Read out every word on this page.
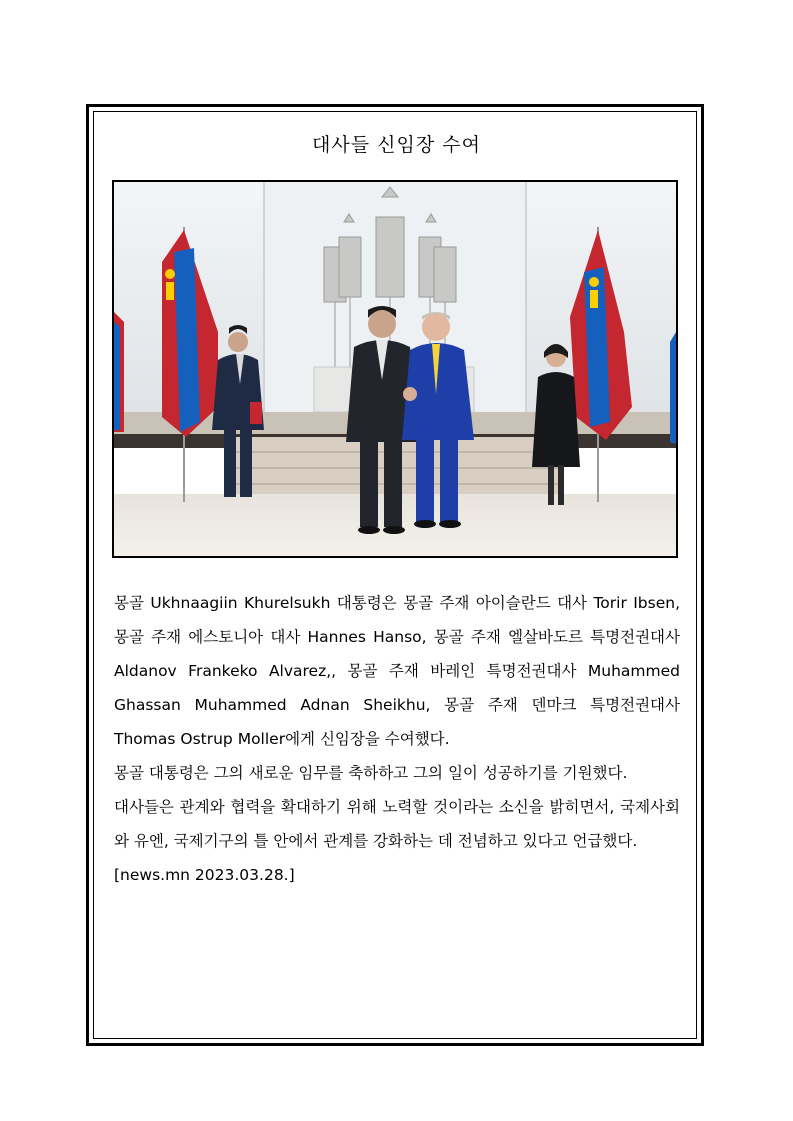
대사들 신임장 수여

몽골 Ukhnaagiin Khurelsukh 대통령은 몽골 주재 아이슬란드 대사 Torir Ibsen, 몽골 주재 에스토니아 대사 Hannes Hanso, 몽골 주재 엘살바도르 특명전권대사 Aldanov Frankeko Alvarez,, 몽골 주재 바레인 특명전권대사 Muhammed Ghassan Muhammed Adnan Sheikhu, 몽골 주재 덴마크 특명전권대사 Thomas Ostrup Moller에게 신임장을 수여했다.

몽골 대통령은 그의 새로운 임무를 축하하고 그의 일이 성공하기를 기원했다.

대사들은 관계와 협력을 확대하기 위해 노력할 것이라는 소신을 밝히면서, 국제사회와 유엔, 국제기구의 틀 안에서 관계를 강화하는 데 전념하고 있다고 언급했다.

[news.mn 2023.03.28.]
